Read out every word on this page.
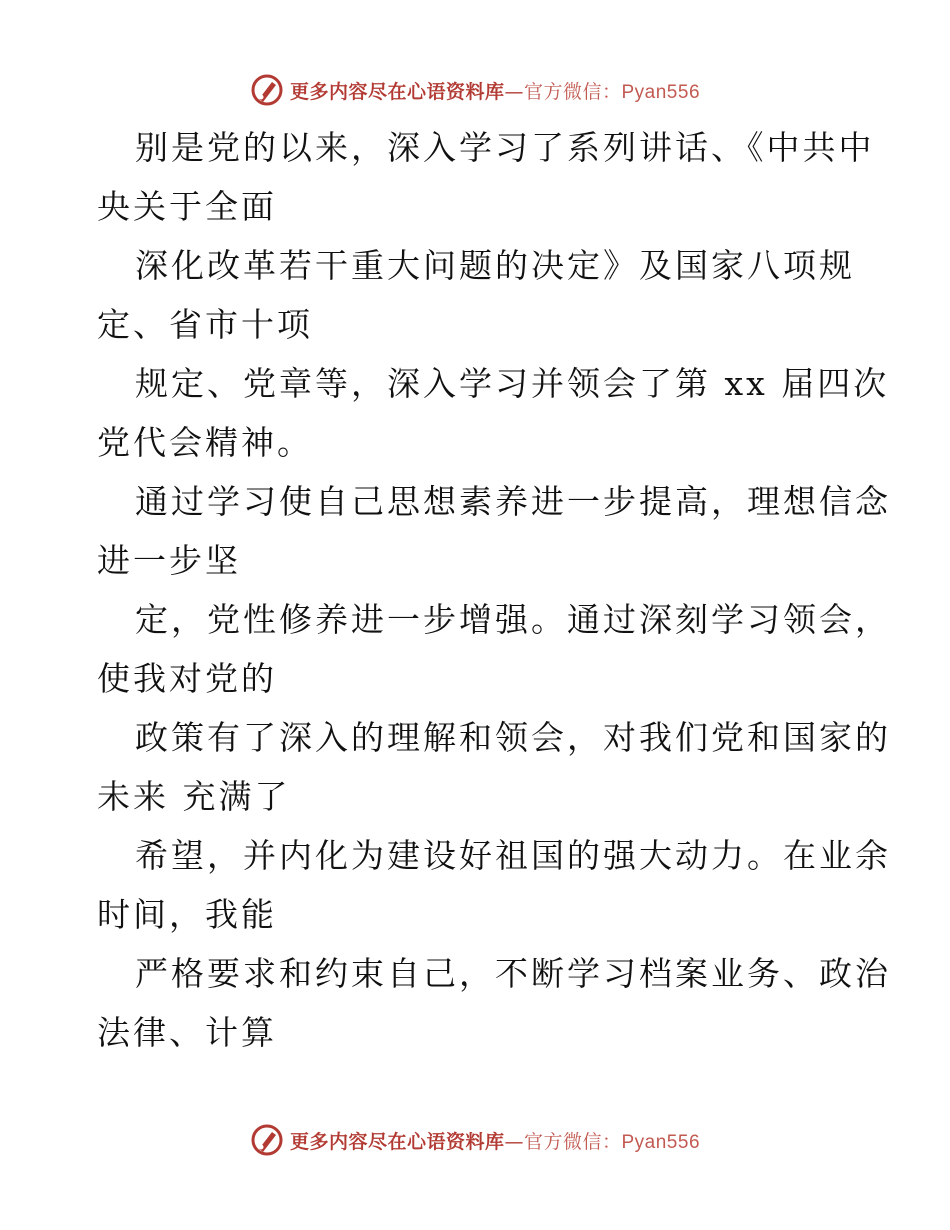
更多内容尽在心语资料库—官方微信：Pyan556
别是党的以来，深入学习了系列讲话、《中共中
央关于全面
深化改革若干重大问题的决定》及国家八项规
定、省市十项
规定、党章等，深入学习并领会了第 xx 届四次
党代会精神。
通过学习使自己思想素养进一步提高，理想信念
进一步坚
定，党性修养进一步增强。通过深刻学习领会，
使我对党的
政策有了深入的理解和领会，对我们党和国家的
未来 充满了
希望，并内化为建设好祖国的强大动力。在业余
时间，我能
严格要求和约束自己，不断学习档案业务、政治
法律、计算
更多内容尽在心语资料库—官方微信：Pyan556
